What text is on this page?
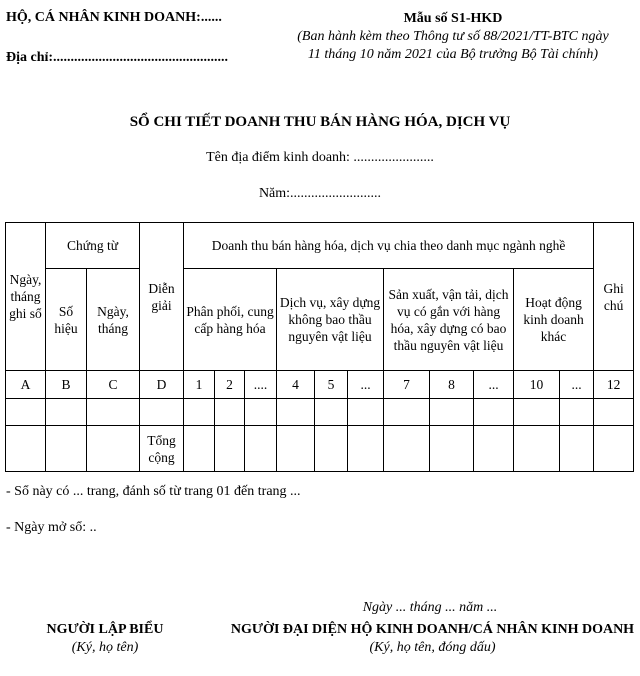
HỘ, CÁ NHÂN KINH DOANH:......
Địa chỉ:..................................................
Mẫu số S1-HKD
(Ban hành kèm theo Thông tư số 88/2021/TT-BTC ngày
11 tháng 10 năm 2021 của Bộ trưởng Bộ Tài chính)
SỔ CHI TIẾT DOANH THU BÁN HÀNG HÓA, DỊCH VỤ
Tên địa điểm kinh doanh: .......................
Năm:..........................
Ngày, tháng ghi sổ	Chứng từ		Diễn giải	Doanh thu bán hàng hóa, dịch vụ chia theo danh mục ngành nghề											Ghi chú
	Số hiệu	Ngày, tháng		Phân phối, cung cấp hàng hóa			Dịch vụ, xây dựng không bao thầu nguyên vật liệu			Sản xuất, vận tải, dịch vụ có gắn với hàng hóa, xây dựng có bao thầu nguyên vật liệu			Hoạt động kinh doanh khác		
A	B	C	D	1	2	....	4	5	...	7	8	...	10	...	12

			Tổng cộng												
- Sổ này có ... trang, đánh số từ trang 01 đến trang ...
- Ngày mở sổ: ..
Ngày ... tháng ... năm ...
NGƯỜI LẬP BIỂU
(Ký, họ tên)
NGƯỜI ĐẠI DIỆN HỘ KINH DOANH/CÁ NHÂN KINH DOANH
(Ký, họ tên, đóng dấu)
